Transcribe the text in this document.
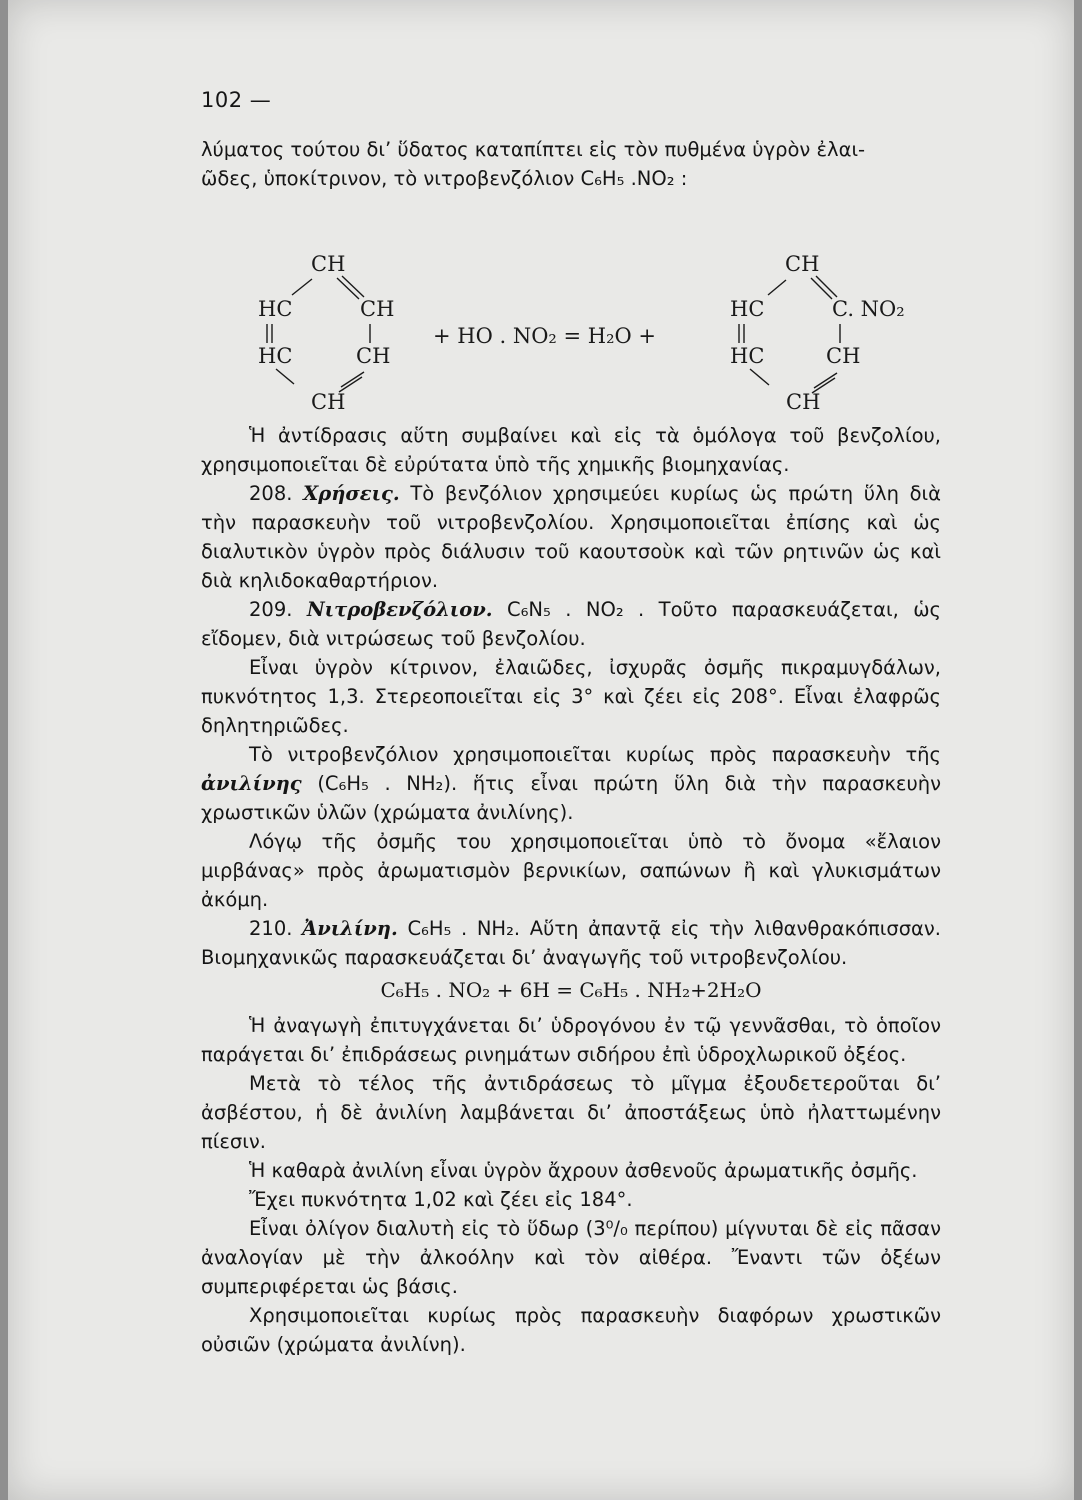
102 —

λύματος τούτου δι’ ὕδατος καταπίπτει εἰς τὸν πυθμένα ὑγρὸν ἐλαι-

ῶδες, ὑποκίτρινον, τὸ νιτροβενζόλιον C₆H₅ .NO₂ :

CH
HC	CH
HC	CH
CH
+ HO . NO₂ = H₂O +
CH
HC	C. NO₂
HC	CH
CH

Ἡ ἀντίδρασις αὕτη συμβαίνει καὶ εἰς τὰ ὁμόλογα τοῦ βενζολίου, χρησιμοποιεῖται δὲ εὐρύτατα ὑπὸ τῆς χημικῆς βιομηχανίας.

208. Χρήσεις. Τὸ βενζόλιον χρησιμεύει κυρίως ὡς πρώτη ὕλη διὰ τὴν παρασκευὴν τοῦ νιτροβενζολίου. Χρησιμοποιεῖται ἐπίσης καὶ ὡς διαλυτικὸν ὑγρὸν πρὸς διάλυσιν τοῦ καουτσοὺκ καὶ τῶν ρητινῶν ὡς καὶ διὰ κηλιδοκαθαρτήριον.

209. Νιτροβενζόλιον. C₆N₅ . NO₂ . Τοῦτο παρασκευάζεται, ὡς εἴδομεν, διὰ νιτρώσεως τοῦ βενζολίου.

Εἶναι ὑγρὸν κίτρινον, ἐλαιῶδες, ἰσχυρᾶς ὀσμῆς πικραμυγδάλων, πυκνότητος 1,3. Στερεοποιεῖται εἰς 3° καὶ ζέει εἰς 208°. Εἶναι ἐλαφρῶς δηλητηριῶδες.

Τὸ νιτροβενζόλιον χρησιμοποιεῖται κυρίως πρὸς παρασκευὴν τῆς ἀνιλίνης (C₆H₅ . NH₂). ἥτις εἶναι πρώτη ὕλη διὰ τὴν παρασκευὴν χρωστικῶν ὑλῶν (χρώματα ἀνιλίνης).

Λόγῳ τῆς ὀσμῆς του χρησιμοποιεῖται ὑπὸ τὸ ὄνομα «ἔλαιον μιρβάνας» πρὸς ἀρωματισμὸν βερνικίων, σαπώνων ἢ καὶ γλυκισμάτων ἀκόμη.

210. Ἀνιλίνη. C₆H₅ . NH₂. Αὕτη ἀπαντᾷ εἰς τὴν λιθανθρακόπισσαν. Βιομηχανικῶς παρασκευάζεται δι’ ἀναγωγῆς τοῦ νιτροβενζολίου.

C₆H₅ . NO₂ + 6H = C₆H₅ . NH₂+2H₂O

Ἡ ἀναγωγὴ ἐπιτυγχάνεται δι’ ὑδρογόνου ἐν τῷ γεννᾶσθαι, τὸ ὁποῖον παράγεται δι’ ἐπιδράσεως ρινημάτων σιδήρου ἐπὶ ὑδροχλωρικοῦ ὀξέος.

Μετὰ τὸ τέλος τῆς ἀντιδράσεως τὸ μῖγμα ἐξουδετεροῦται δι’ ἀσβέστου, ἡ δὲ ἀνιλίνη λαμβάνεται δι’ ἀποστάξεως ὑπὸ ἠλαττωμένην πίεσιν.

Ἡ καθαρὰ ἀνιλίνη εἶναι ὑγρὸν ἄχρουν ἀσθενοῦς ἀρωματικῆς ὀσμῆς.

Ἔχει πυκνότητα 1,02 καὶ ζέει εἰς 184°.

Εἶναι ὀλίγον διαλυτὴ εἰς τὸ ὕδωρ (3⁰/₀ περίπου) μίγνυται δὲ εἰς πᾶσαν ἀναλογίαν μὲ τὴν ἀλκοόλην καὶ τὸν αἰθέρα. Ἔναντι τῶν ὀξέων συμπεριφέρεται ὡς βάσις.

Χρησιμοποιεῖται κυρίως πρὸς παρασκευὴν διαφόρων χρωστικῶν οὐσιῶν (χρώματα ἀνιλίνη).
